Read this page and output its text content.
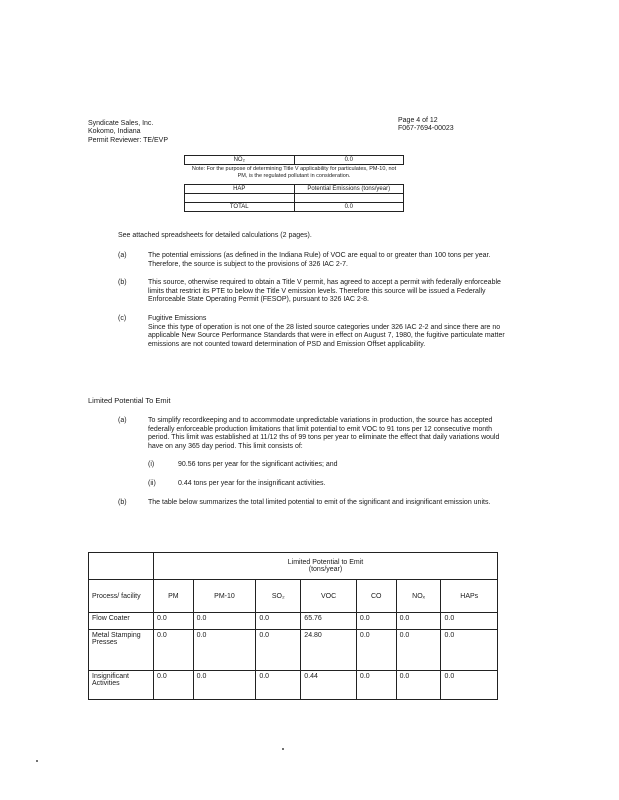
Syndicate Sales, Inc.
Kokomo, Indiana
Permit Reviewer: TE/EVP
Page 4 of 12
F067-7694-00023
NO₂	0.0
Note: For the purpose of determining Title V applicability for particulates, PM-10, not PM, is the regulated pollutant in consideration.
HAP	Potential Emissions (tons/year)

TOTAL	0.0
See attached spreadsheets for detailed calculations (2 pages).
(a)	The potential emissions (as defined in the Indiana Rule) of VOC are equal to or greater than 100 tons per year. Therefore, the source is subject to the provisions of 326 IAC 2-7.
(b)	This source, otherwise required to obtain a Title V permit, has agreed to accept a permit with federally enforceable limits that restrict its PTE to below the Title V emission levels. Therefore this source will be issued a Federally Enforceable State Operating Permit (FESOP), pursuant to 326 IAC 2-8.
(c)	Fugitive Emissions
Since this type of operation is not one of the 28 listed source categories under 326 IAC 2-2 and since there are no applicable New Source Performance Standards that were in effect on August 7, 1980, the fugitive particulate matter emissions are not counted toward determination of PSD and Emission Offset applicability.
Limited Potential To Emit
(a)	To simplify recordkeeping and to accommodate unpredictable variations in production, the source has accepted federally enforceable production limitations that limit potential to emit VOC to 91 tons per 12 consecutive month period. This limit was established at 11/12 ths of 99 tons per year to eliminate the effect that daily variations would have on any 365 day period. This limit consists of:
(i)	90.56 tons per year for the significant activities; and
(ii)	0.44 tons per year for the insignificant activities.
(b)	The table below summarizes the total limited potential to emit of the significant and insignificant emission units.

	Limited Potential to Emit
(tons/year)						

Process/ facility	PM	PM-10	SO₂	VOC	CO	NOₓ	HAPs
Flow Coater	0.0	0.0	0.0	65.76	0.0	0.0	0.0
Metal Stamping Presses	0.0	0.0	0.0	24.80	0.0	0.0	0.0
Insignificant Activities	0.0	0.0	0.0	0.44	0.0	0.0	0.0
